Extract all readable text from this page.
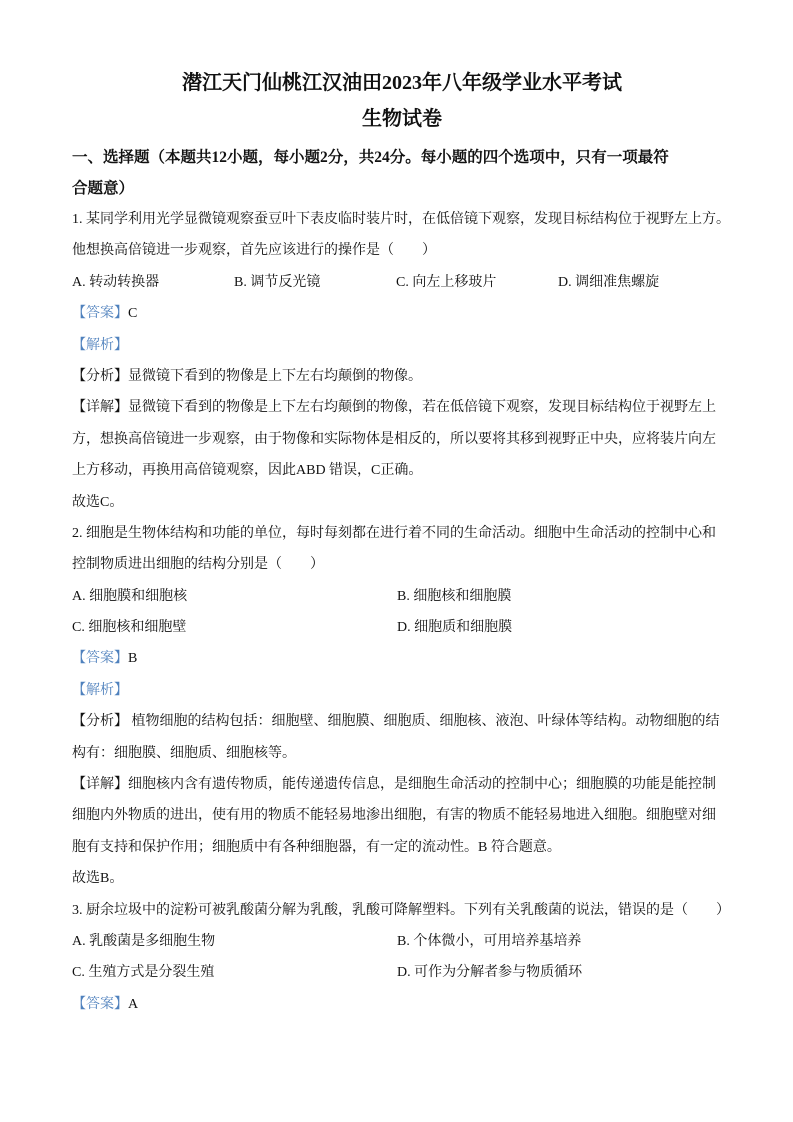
潜江天门仙桃江汉油田2023年八年级学业水平考试
生物试卷
一、选择题（本题共12小题，每小题2分，共24分。每小题的四个选项中，只有一项最符
合题意）
1. 某同学利用光学显微镜观察蚕豆叶下表皮临时装片时，在低倍镜下观察，发现目标结构位于视野左上方。
他想换高倍镜进一步观察，首先应该进行的操作是（　　）
A. 转动转换器	B. 调节反光镜	C. 向左上移玻片	D. 调细准焦螺旋
【答案】C
【解析】
【分析】显微镜下看到的物像是上下左右均颠倒的物像。
【详解】显微镜下看到的物像是上下左右均颠倒的物像，若在低倍镜下观察，发现目标结构位于视野左上
方，想换高倍镜进一步观察，由于物像和实际物体是相反的，所以要将其移到视野正中央，应将装片向左
上方移动，再换用高倍镜观察，因此ABD 错误，C正确。
故选C。
2. 细胞是生物体结构和功能的单位，每时每刻都在进行着不同的生命活动。细胞中生命活动的控制中心和
控制物质进出细胞的结构分别是（　　）
A. 细胞膜和细胞核	B. 细胞核和细胞膜
C. 细胞核和细胞壁	D. 细胞质和细胞膜
【答案】B
【解析】
【分析】 植物细胞的结构包括：细胞壁、细胞膜、细胞质、细胞核、液泡、叶绿体等结构。动物细胞的结
构有：细胞膜、细胞质、细胞核等。
【详解】细胞核内含有遗传物质，能传递遗传信息，是细胞生命活动的控制中心；细胞膜的功能是能控制
细胞内外物质的进出，使有用的物质不能轻易地渗出细胞，有害的物质不能轻易地进入细胞。细胞壁对细
胞有支持和保护作用；细胞质中有各种细胞器，有一定的流动性。B 符合题意。
故选B。
3. 厨余垃圾中的淀粉可被乳酸菌分解为乳酸，乳酸可降解塑料。下列有关乳酸菌的说法，错误的是（　　）
A. 乳酸菌是多细胞生物	B. 个体微小，可用培养基培养
C. 生殖方式是分裂生殖	D. 可作为分解者参与物质循环
【答案】A
